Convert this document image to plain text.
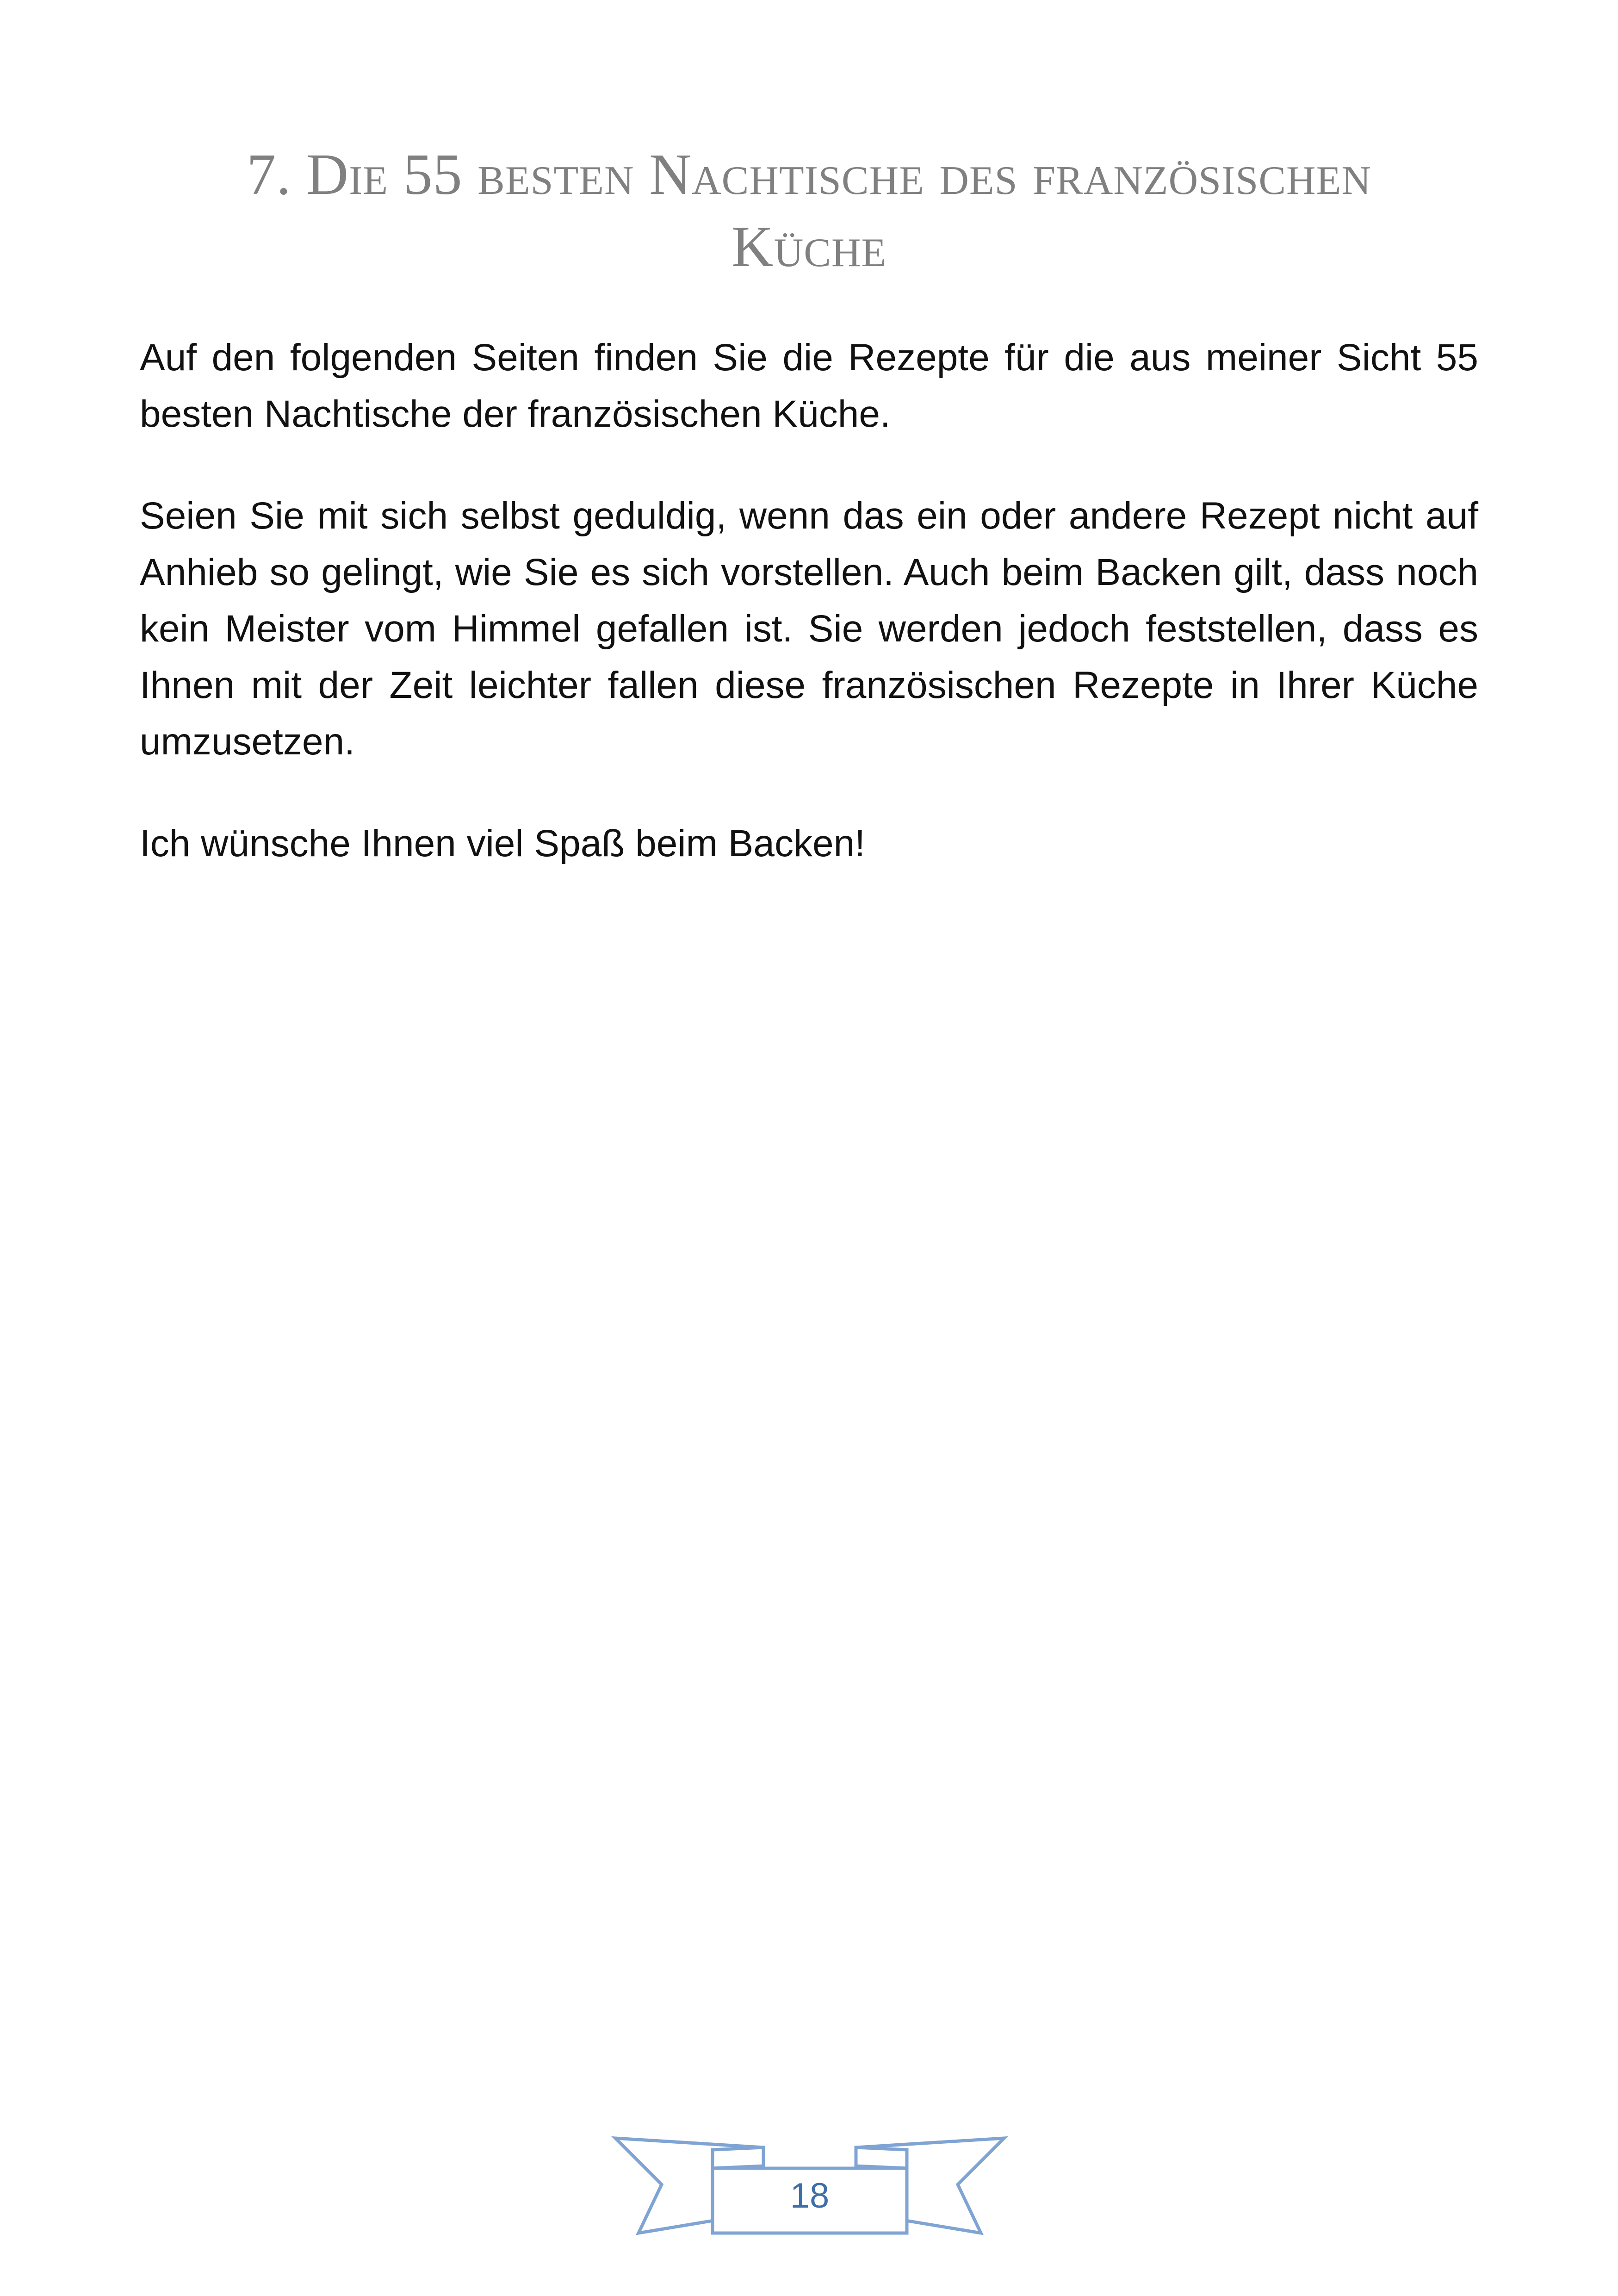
7. Die 55 besten Nachtische des französischen
Küche

Auf den folgenden Seiten finden Sie die Rezepte für die aus meiner Sicht 55 besten Nachtische der französischen Küche.

Seien Sie mit sich selbst geduldig, wenn das ein oder andere Rezept nicht auf Anhieb so gelingt, wie Sie es sich vorstellen. Auch beim Backen gilt, dass noch kein Meister vom Himmel gefallen ist. Sie werden jedoch feststellen, dass es Ihnen mit der Zeit leichter fallen diese französischen Rezepte in Ihrer Küche umzusetzen.

Ich wünsche Ihnen viel Spaß beim Backen!

18
